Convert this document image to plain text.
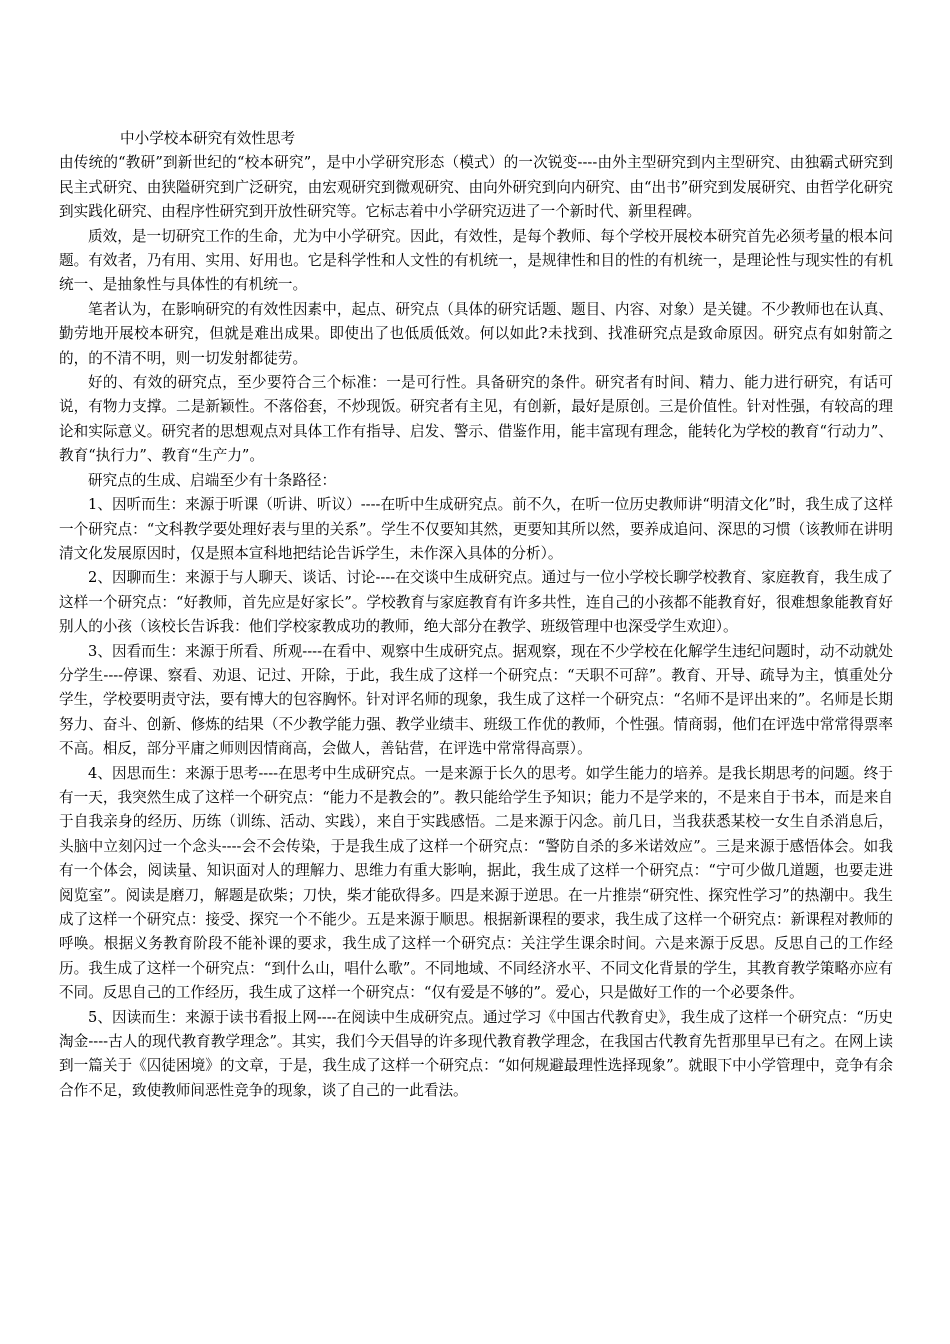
中小学校本研究有效性思考

由传统的“教研”到新世纪的“校本研究”，是中小学研究形态（模式）的一次锐变----由外主型研究到内主型研究、由独霸式研究到民主式研究、由狭隘研究到广泛研究，由宏观研究到微观研究、由向外研究到向内研究、由“出书”研究到发展研究、由哲学化研究到实践化研究、由程序性研究到开放性研究等。它标志着中小学研究迈进了一个新时代、新里程碑。

质效，是一切研究工作的生命，尤为中小学研究。因此，有效性，是每个教师、每个学校开展校本研究首先必须考量的根本问题。有效者，乃有用、实用、好用也。它是科学性和人文性的有机统一，是规律性和目的性的有机统一，是理论性与现实性的有机统一、是抽象性与具体性的有机统一。

笔者认为，在影响研究的有效性因素中，起点、研究点（具体的研究话题、题目、内容、对象）是关键。不少教师也在认真、勤劳地开展校本研究，但就是难出成果。即使出了也低质低效。何以如此?未找到、找准研究点是致命原因。研究点有如射箭之的，的不清不明，则一切发射都徒劳。

好的、有效的研究点，至少要符合三个标准：一是可行性。具备研究的条件。研究者有时间、精力、能力进行研究，有话可说，有物力支撑。二是新颖性。不落俗套，不炒现饭。研究者有主见，有创新，最好是原创。三是价值性。针对性强，有较高的理论和实际意义。研究者的思想观点对具体工作有指导、启发、警示、借鉴作用，能丰富现有理念，能转化为学校的教育“行动力”、教育“执行力”、教育“生产力”。

研究点的生成、启端至少有十条路径：

1、因听而生：来源于听课（听讲、听议）----在听中生成研究点。前不久，在听一位历史教师讲“明清文化”时，我生成了这样一个研究点：“文科教学要处理好表与里的关系”。学生不仅要知其然，更要知其所以然，要养成追问、深思的习惯（该教师在讲明清文化发展原因时，仅是照本宣科地把结论告诉学生，未作深入具体的分析）。

2、因聊而生：来源于与人聊天、谈话、讨论----在交谈中生成研究点。通过与一位小学校长聊学校教育、家庭教育，我生成了这样一个研究点：“好教师，首先应是好家长”。学校教育与家庭教育有许多共性，连自己的小孩都不能教育好，很难想象能教育好别人的小孩（该校长告诉我：他们学校家教成功的教师，绝大部分在教学、班级管理中也深受学生欢迎）。

3、因看而生：来源于所看、所观----在看中、观察中生成研究点。据观察，现在不少学校在化解学生违纪问题时，动不动就处分学生----停课、察看、劝退、记过、开除，于此，我生成了这样一个研究点：“天职不可辞”。教育、开导、疏导为主，慎重处分学生，学校要明责守法，要有博大的包容胸怀。针对评名师的现象，我生成了这样一个研究点：“名师不是评出来的”。名师是长期努力、奋斗、创新、修炼的结果（不少教学能力强、教学业绩丰、班级工作优的教师，个性强。情商弱，他们在评选中常常得票率不高。相反，部分平庸之师则因情商高，会做人，善钻营，在评选中常常得高票）。

4、因思而生：来源于思考----在思考中生成研究点。一是来源于长久的思考。如学生能力的培养。是我长期思考的问题。终于有一天，我突然生成了这样一个研究点：“能力不是教会的”。教只能给学生予知识；能力不是学来的，不是来自于书本，而是来自于自我亲身的经历、历练（训练、活动、实践），来自于实践感悟。二是来源于闪念。前几日，当我获悉某校一女生自杀消息后，头脑中立刻闪过一个念头----会不会传染，于是我生成了这样一个研究点：“警防自杀的多米诺效应”。三是来源于感悟体会。如我有一个体会，阅读量、知识面对人的理解力、思维力有重大影响，据此，我生成了这样一个研究点：“宁可少做几道题，也要走进阅览室”。阅读是磨刀，解题是砍柴；刀快，柴才能砍得多。四是来源于逆思。在一片推崇“研究性、探究性学习”的热潮中。我生成了这样一个研究点：接受、探究一个不能少。五是来源于顺思。根据新课程的要求，我生成了这样一个研究点：新课程对教师的呼唤。根据义务教育阶段不能补课的要求，我生成了这样一个研究点：关注学生课余时间。六是来源于反思。反思自己的工作经历。我生成了这样一个研究点：“到什么山，唱什么歌”。不同地域、不同经济水平、不同文化背景的学生，其教育教学策略亦应有不同。反思自己的工作经历，我生成了这样一个研究点：“仅有爱是不够的”。爱心，只是做好工作的一个必要条件。

5、因读而生：来源于读书看报上网----在阅读中生成研究点。通过学习《中国古代教育史》，我生成了这样一个研究点：“历史淘金----古人的现代教育教学理念”。其实，我们今天倡导的许多现代教育教学理念，在我国古代教育先哲那里早已有之。在网上读到一篇关于《囚徒困境》的文章，于是，我生成了这样一个研究点：“如何规避最理性选择现象”。就眼下中小学管理中，竞争有余合作不足，致使教师间恶性竞争的现象，谈了自己的一此看法。
